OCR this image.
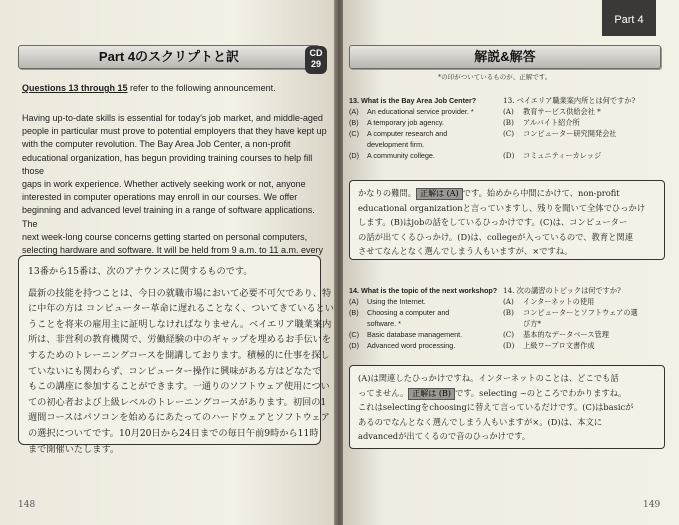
Part 4のスクリプトと訳	CD
29
Questions 13 through 15 refer to the following announcement.
Having up-to-date skills is essential for today's job market, and middle-aged
people in particular must prove to potential employers that they have kept up
with the computer revolution. The Bay Area Job Center, a non-profit
educational organization, has begun providing training courses to help fill those
gaps in work experience. Whether actively seeking work or not, anyone
interested in computer operations may enroll in our courses. We offer
beginning and advanced level training in a range of software applications. The
next week-long course concerns getting started on personal computers,
selecting hardware and software. It will be held from 9 a.m. to 11 a.m. every
13番から15番は、次のアナウンスに関するものです。
最新の技能を持つことは、今日の就職市場において必要不可欠であり、特
に中年の方は コンピューター革命に遅れることなく、ついてきているとい
うことを将来の雇用主に証明しなければなりません。ベイエリア職業案内
所は、非営利の教育機関で、労働経験の中のギャップを埋めるお手伝いを
するためのトレーニングコースを開講しております。積極的に仕事を探し
ていないにも関わらず、コンピューター操作に興味がある方はどなたで
もこの講座に参加することができます。一通りのソフトウェア使用につい
ての初心者および上級レベルのトレーニングコースがあります。初回の1
週間コースはパソコンを始めるにあたってのハードウェアとソフトウェア
の選択についてです。10月20日から24日までの毎日午前9時から11時
まで開催いたします。
148
解説&解答
*の印がついているものが、正解です。
13. What is the Bay Area Job Center?
(A)	An educational service provider. *
(B)	A temporary job agency.
(C)	A computer research and
development firm.
(D)	A community college.
13. ベイエリア職業案内所とは何ですか?
(A)	教育サービス供給会社 *
(B)	アルバイト紹介所
(C)	コンピューター研究開発会社
(D)	コミュニティーカレッジ
かなりの難問。 正解は (A) です。始めから中間にかけて、non-profit
educational organizationと言っていますし、残りを聞いて全体でひっかけ
します。(B)はjobの話をしているひっかけです。(C)は、コンピューター
の話が出てくるひっかけ。(D)は、collegeが入っているので、教育と関連
させてなんとなく選んでしまう人もいますが、×ですね。
14. What is the topic of the next workshop?
(A)	Using the Internet.
(B)	Choosing a computer and
software. *
(C)	Basic database management.
(D)	Advanced word processing.
14. 次の講習のトピックは何ですか?
(A)	インターネットの使用
(B)	コンピューターとソフトウェアの選
び方*
(C)	基本的なデータベース管理
(D)	上級ワープロ文書作成
(A)は関連したひっかけですね。インターネットのことは、どこでも話
ってません。 正解は (B) です。selecting ~のところでわかりますね。
これはselectingをchoosingに替えて言っているだけです。(C)はbasicが
あるのでなんとなく選んでしまう人もいますが×。(D)は、本文に
advancedが出てくるので音のひっかけです。
149
Part 4
